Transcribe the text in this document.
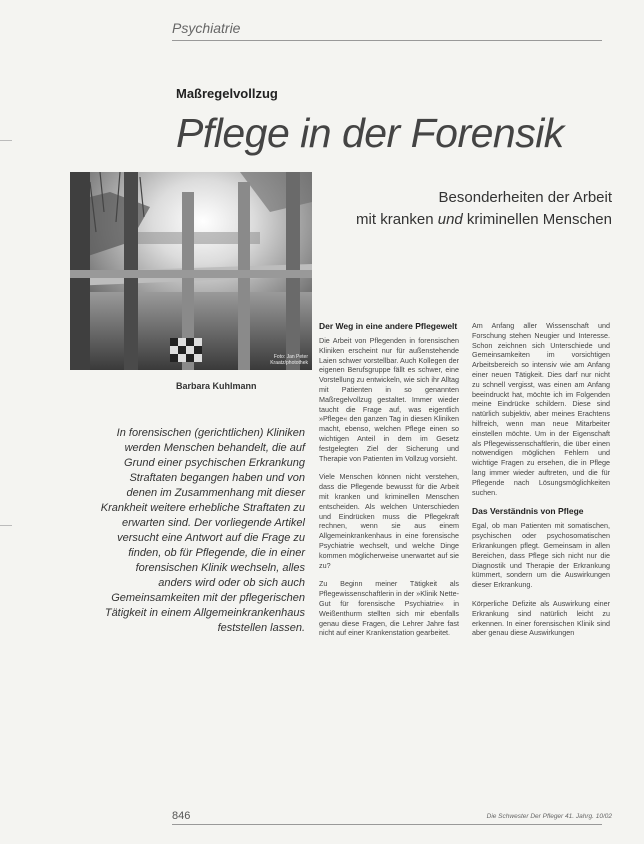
Psychiatrie
Maßregelvollzug
Pflege in der Forensik
Besonderheiten der Arbeit
mit kranken und kriminellen Menschen
Foto: Jan Peter Kraatz/photothek
Barbara Kuhlmann
In forensischen (gerichtlichen) Kliniken werden Menschen behandelt, die auf Grund einer psychischen Erkrankung Straftaten begangen haben und von denen im Zusammenhang mit dieser Krankheit weitere erhebliche Straftaten zu erwarten sind. Der vorliegende Artikel versucht eine Antwort auf die Frage zu finden, ob für Pflegende, die in einer forensischen Klinik wechseln, alles anders wird oder ob sich auch Gemeinsamkeiten mit der pflegerischen Tätigkeit in einem Allgemeinkrankenhaus feststellen lassen.
Der Weg in eine andere Pflegewelt

Die Arbeit von Pflegenden in forensischen Kliniken erscheint nur für außenstehende Laien schwer vorstellbar. Auch Kollegen der eigenen Berufsgruppe fällt es schwer, eine Vorstellung zu entwickeln, wie sich ihr Alltag mit Patienten in so genannten Maßregelvollzug gestaltet. Immer wieder taucht die Frage auf, was eigentlich »Pflege« den ganzen Tag in diesen Kliniken macht, ebenso, welchen Pflege einen so wichtigen Anteil in dem im Gesetz festgelegten Ziel der Sicherung und Therapie von Patienten im Vollzug vorsieht.

Viele Menschen können nicht verstehen, dass die Pflegende bewusst für die Arbeit mit kranken und kriminellen Menschen entscheiden. Als welchen Unterschieden und Eindrücken muss die Pflegekraft rechnen, wenn sie aus einem Allgemeinkrankenhaus in eine forensische Psychiatrie wechselt, und welche Dinge kommen möglicherweise unerwartet auf sie zu?

Zu Beginn meiner Tätigkeit als Pflegewissenschaftlerin in der »Klinik Nette-Gut für forensische Psychiatrie« in Weißenthurm stellten sich mir ebenfalls genau diese Fragen, die Lehrer Jahre fast nicht auf einer Krankenstation gearbeitet.

Am Anfang aller Wissenschaft und Forschung stehen Neugier und Interesse. Schon zeichnen sich Unterschiede und Gemeinsamkeiten im vorsichtigen Arbeitsbereich so intensiv wie am Anfang einer neuen Tätigkeit. Dies darf nur nicht zu schnell vergisst, was einen am Anfang beeindruckt hat, möchte ich im Folgenden meine Eindrücke schildern. Diese sind natürlich subjektiv, aber meines Erachtens hilfreich, wenn man neue Mitarbeiter einstellen möchte. Um in der Eigenschaft als Pflegewissenschaftlerin, die über einen notwendigen möglichen Fehlern und wichtige Fragen zu ersehen, die in Pflege lang immer wieder auftreten, und die für Pflegende nach Lösungsmöglichkeiten suchen.

Das Verständnis von Pflege

Egal, ob man Patienten mit somatischen, psychischen oder psychosomatischen Erkrankungen pflegt. Gemeinsam in allen Bereichen, dass Pflege sich nicht nur die Diagnostik und Therapie der Erkrankung kümmert, sondern um die Auswirkungen dieser Erkrankung.

Körperliche Defizite als Auswirkung einer Erkrankung sind natürlich leicht zu erkennen. In einer forensischen Klinik sind aber genau diese Auswirkungen

846	Die Schwester Der Pfleger 41. Jahrg. 10/02
